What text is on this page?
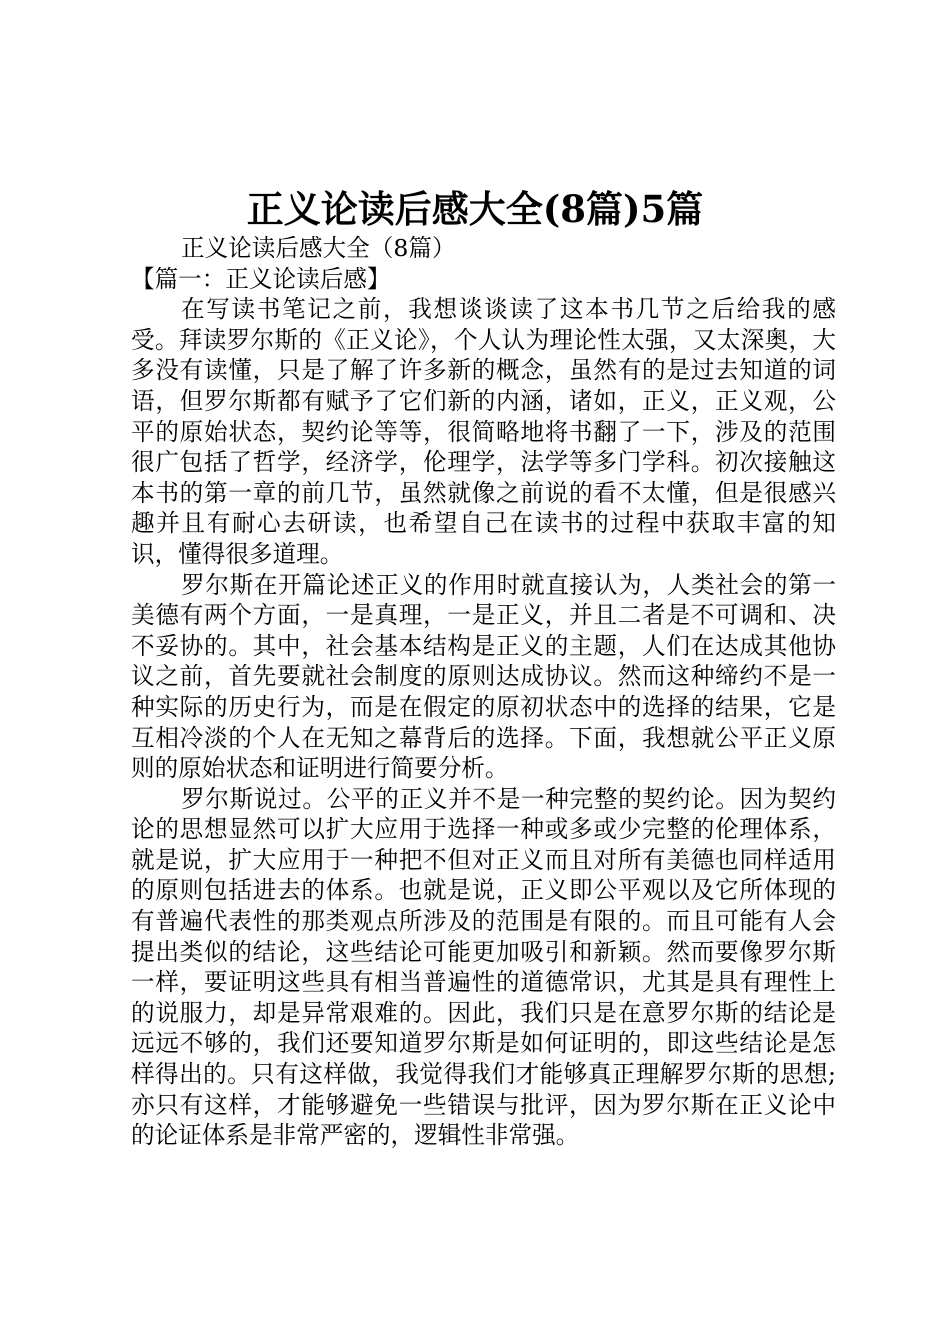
正义论读后感大全(8篇)5篇

正义论读后感大全（8篇）

【篇一：正义论读后感】

在写读书笔记之前，我想谈谈读了这本书几节之后给我的感受。拜读罗尔斯的《正义论》，个人认为理论性太强，又太深奥，大多没有读懂，只是了解了许多新的概念，虽然有的是过去知道的词语，但罗尔斯都有赋予了它们新的内涵，诸如，正义，正义观，公平的原始状态，契约论等等，很简略地将书翻了一下，涉及的范围很广包括了哲学，经济学，伦理学，法学等多门学科。初次接触这本书的第一章的前几节，虽然就像之前说的看不太懂，但是很感兴趣并且有耐心去研读，也希望自己在读书的过程中获取丰富的知识，懂得很多道理。

罗尔斯在开篇论述正义的作用时就直接认为，人类社会的第一美德有两个方面，一是真理，一是正义，并且二者是不可调和、决不妥协的。其中，社会基本结构是正义的主题，人们在达成其他协议之前，首先要就社会制度的原则达成协议。然而这种缔约不是一种实际的历史行为，而是在假定的原初状态中的选择的结果，它是互相冷淡的个人在无知之幕背后的选择。下面，我想就公平正义原则的原始状态和证明进行简要分析。

罗尔斯说过。公平的正义并不是一种完整的契约论。因为契约论的思想显然可以扩大应用于选择一种或多或少完整的伦理体系，就是说，扩大应用于一种把不但对正义而且对所有美德也同样适用的原则包括进去的体系。也就是说，正义即公平观以及它所体现的有普遍代表性的那类观点所涉及的范围是有限的。而且可能有人会提出类似的结论，这些结论可能更加吸引和新颖。然而要像罗尔斯一样，要证明这些具有相当普遍性的道德常识，尤其是具有理性上的说服力，却是异常艰难的。因此，我们只是在意罗尔斯的结论是远远不够的，我们还要知道罗尔斯是如何证明的，即这些结论是怎样得出的。只有这样做，我觉得我们才能够真正理解罗尔斯的思想;亦只有这样，才能够避免一些错误与批评，因为罗尔斯在正义论中的论证体系是非常严密的，逻辑性非常强。
